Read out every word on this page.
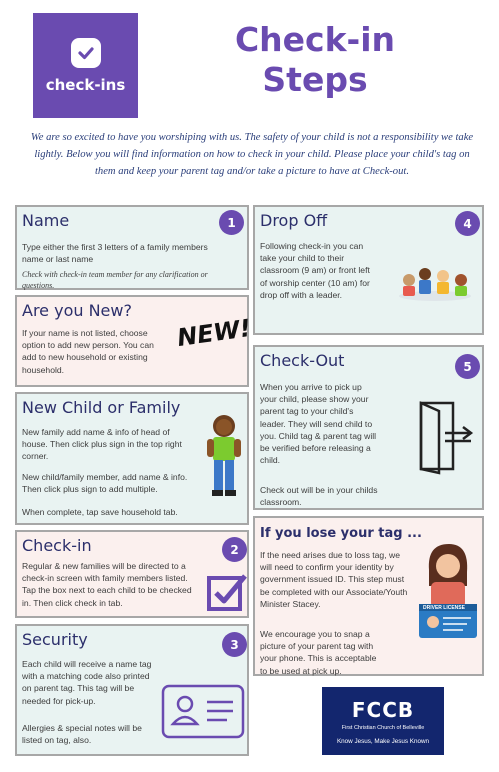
check-ins
Check-in
Steps
We are so excited to have you worshiping with us. The safety of your child is not a responsibility we take lightly. Below you will find information on how to check in your child. Please place your child's tag on them and keep your parent tag and/or take a picture to have at Check-out.
Name	1

Type either the first 3 letters of a family members name or last name

Check with check-in team member for any clarification or questions.

Are you New?

If your name is not listed, choose option to add new person. You can add to new household or existing household.

NEW!
New Child or Family

New family add name & info of head of house. Then click plus sign in the top right corner.

New child/family member, add name & info. Then click plus sign to add multiple.

When complete, tap save household tab.

Check-in	2

Regular & new families will be directed to a check-in screen with family members listed. Tap the box next to each child to be checked in. Then click check in tab.

Security	3

Each child will receive a name tag with a matching code also printed on parent tag. This tag will be needed for pick-up.

Allergies & special notes will be listed on tag, also.

Drop Off	4

Following check-in you can take your child to their classroom (9 am) or front left of worship center (10 am) for drop off with a leader.

Check-Out	5

When you arrive to pick up your child, please show your parent tag to your child's leader. They will send child to you. Child tag & parent tag will be verified before releasing a child.

Check out will be in your childs classroom.

If you lose your tag ...

If the need arises due to loss tag, we will need to confirm your identity by government issued ID. This step must be completed with our Associate/Youth Minister Stacey.

We encourage you to snap a picture of your parent tag with your phone. This is acceptable to be used at pick up.

DRIVER LICENSE
FCCB
First Christian Church of Belleville
Know Jesus, Make Jesus Known
